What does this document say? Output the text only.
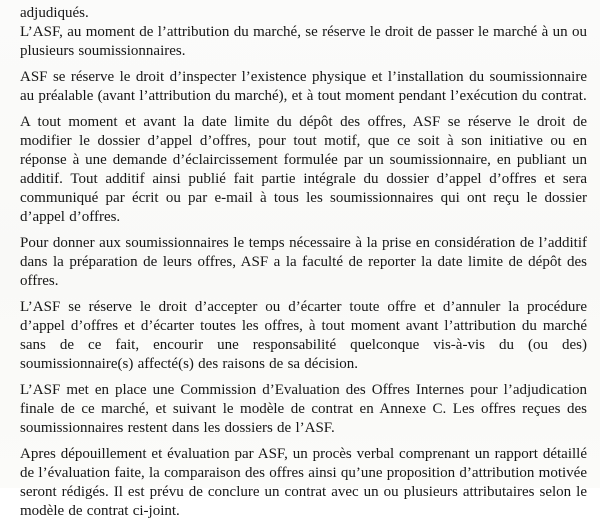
adjudiqués.

L’ASF, au moment de l’attribution du marché, se réserve le droit de passer le marché à un ou plusieurs soumissionnaires.

ASF se réserve le droit d’inspecter l’existence physique et l’installation du soumissionnaire au préalable (avant l’attribution du marché), et à tout moment pendant l’exécution du contrat.

A tout moment et avant la date limite du dépôt des offres, ASF se réserve le droit de modifier le dossier d’appel d’offres, pour tout motif, que ce soit à son initiative ou en réponse à une demande d’éclaircissement formulée par un soumissionnaire, en publiant un additif. Tout additif ainsi publié fait partie intégrale du dossier d’appel d’offres et sera communiqué par écrit ou par e-mail à tous les soumissionnaires qui ont reçu le dossier d’appel d’offres.

Pour donner aux soumissionnaires le temps nécessaire à la prise en considération de l’additif dans la préparation de leurs offres, ASF a la faculté de reporter la date limite de dépôt des offres.

L’ASF se réserve le droit d’accepter ou d’écarter toute offre et d’annuler la procédure d’appel d’offres et d’écarter toutes les offres, à tout moment avant l’attribution du marché sans de ce fait, encourir une responsabilité quelconque vis-à-vis du (ou des) soumissionnaire(s) affecté(s) des raisons de sa décision.

L’ASF met en place une Commission d’Evaluation des Offres Internes pour l’adjudication finale de ce marché, et suivant le modèle de contrat en Annexe C. Les offres reçues des soumissionnaires restent dans les dossiers de l’ASF.

Apres dépouillement et évaluation par ASF, un procès verbal comprenant un rapport détaillé de l’évaluation faite, la comparaison des offres ainsi qu’une proposition d’attribution motivée seront rédigés. Il est prévu de conclure un contrat avec un ou plusieurs attributaires selon le modèle de contrat ci-joint.
